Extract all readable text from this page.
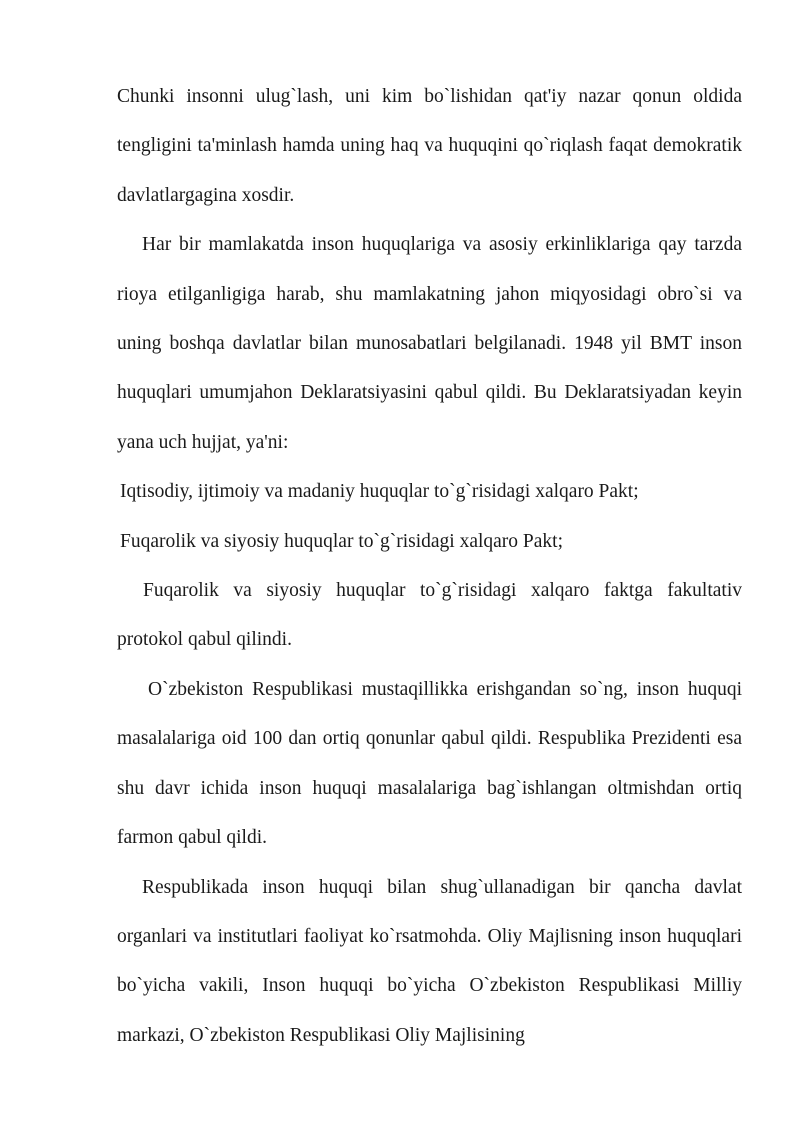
Chunki insonni ulug`lash, uni kim bo`lishidan qat'iy nazar qonun oldida tengligini ta'minlash hamda uning haq va huquqini qo`riqlash faqat demokratik davlatlargagina xosdir.

Har bir mamlakatda inson huquqlariga va asosiy erkinliklariga qay tarzda rioya etilganligiga harab, shu mamlakatning jahon miqyosidagi obro`si va uning boshqa davlatlar bilan munosabatlari belgilanadi. 1948 yil BMT inson huquqlari umumjahon Deklaratsiyasini qabul qildi. Bu Deklaratsiyadan keyin yana uch hujjat, ya'ni:

Iqtisodiy, ijtimoiy va madaniy huquqlar to`g`risidagi xalqaro Pakt;

Fuqarolik va siyosiy huquqlar to`g`risidagi xalqaro Pakt;

Fuqarolik va siyosiy huquqlar to`g`risidagi xalqaro faktga fakultativ protokol qabul qilindi.

O`zbekiston Respublikasi mustaqillikka erishgandan so`ng, inson huquqi masalalariga oid 100 dan ortiq qonunlar qabul qildi. Respublika Prezidenti esa shu davr ichida inson huquqi masalalariga bag`ishlangan oltmishdan ortiq farmon qabul qildi.

Respublikada inson huquqi bilan shug`ullanadigan bir qancha davlat organlari va institutlari faoliyat ko`rsatmohda. Oliy Majlisning inson huquqlari bo`yicha vakili, Inson huquqi bo`yicha O`zbekiston Respublikasi Milliy markazi, O`zbekiston Respublikasi Oliy Majlisining
